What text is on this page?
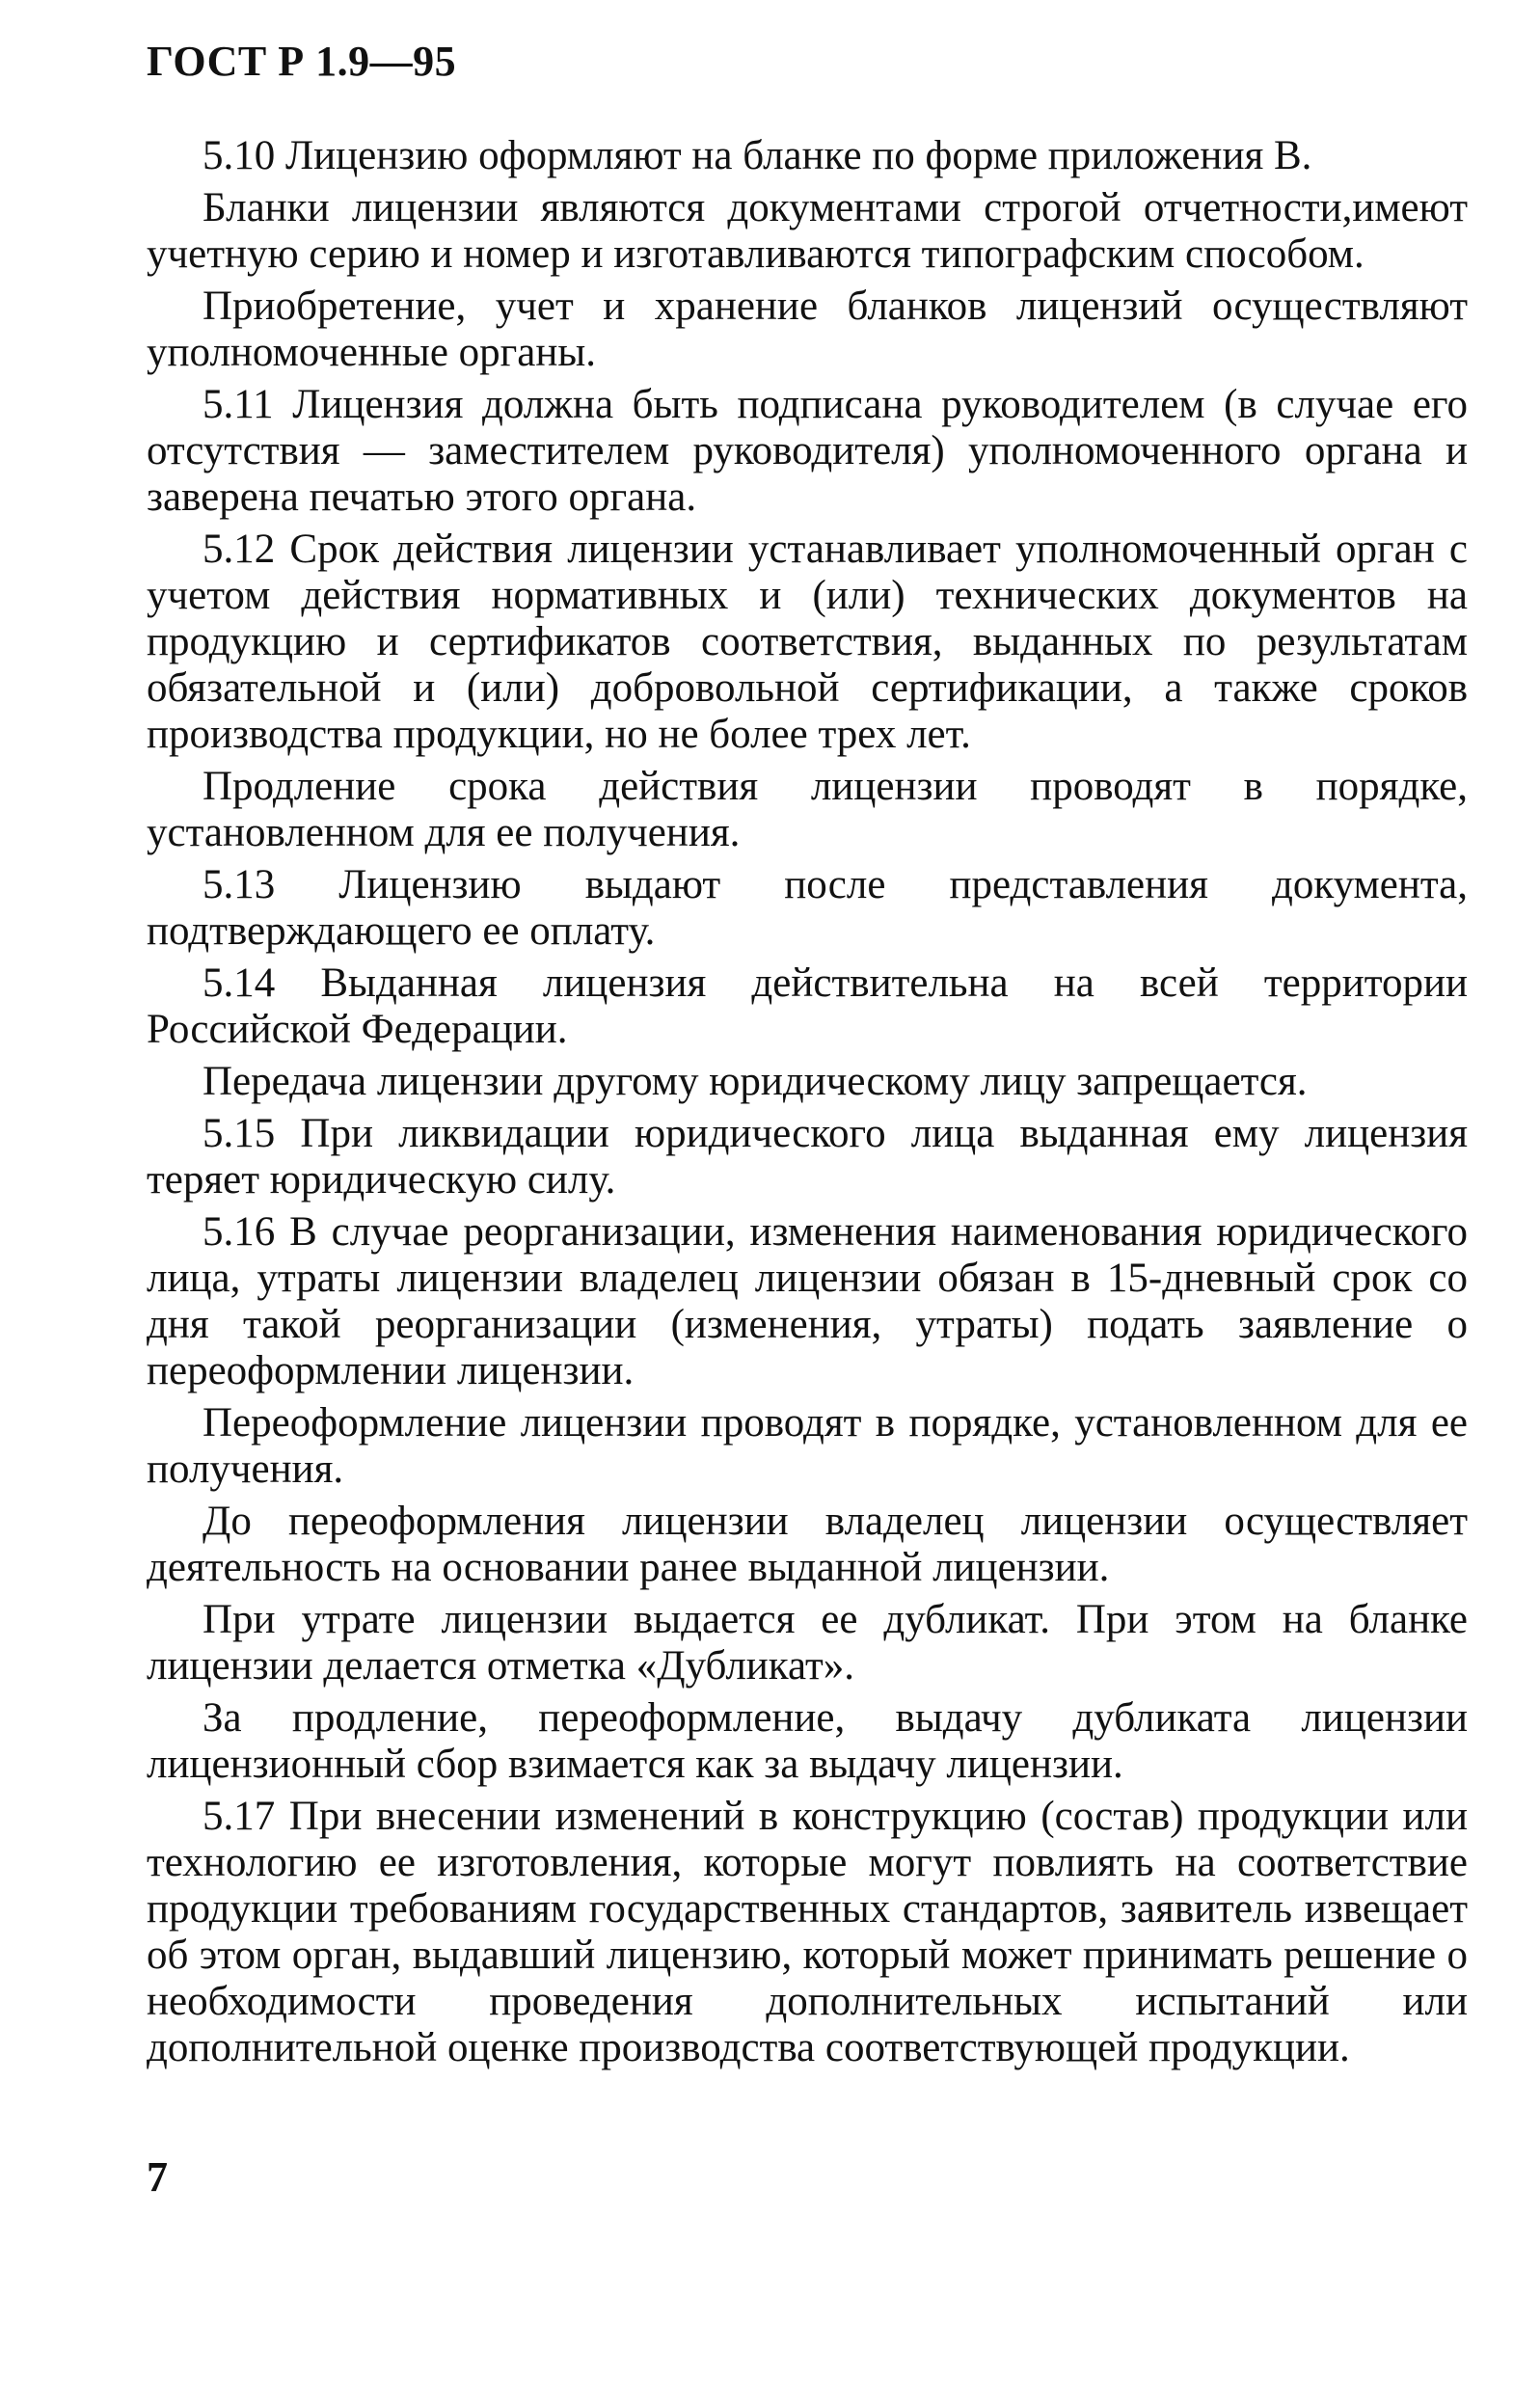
ГОСТ Р 1.9—95

5.10 Лицензию оформляют на бланке по форме приложения В.

Бланки лицензии являются документами строгой отчетности,имеют учетную серию и номер и изготавливаются типографским способом.

Приобретение, учет и хранение бланков лицензий осуществляют уполномоченные органы.

5.11 Лицензия должна быть подписана руководителем (в случае его отсутствия — заместителем руководителя) уполномоченного органа и заверена печатью этого органа.

5.12 Срок действия лицензии устанавливает уполномоченный орган с учетом действия нормативных и (или) технических документов на продукцию и сертификатов соответствия, выданных по результатам обязательной и (или) добровольной сертификации, а также сроков производства продукции, но не более трех лет.

Продление срока действия лицензии проводят в порядке, установленном для ее получения.

5.13 Лицензию выдают после представления документа, подтверждающего ее оплату.

5.14 Выданная лицензия действительна на всей территории Российской Федерации.

Передача лицензии другому юридическому лицу запрещается.

5.15 При ликвидации юридического лица выданная ему лицензия теряет юридическую силу.

5.16 В случае реорганизации, изменения наименования юридического лица, утраты лицензии владелец лицензии обязан в 15-дневный срок со дня такой реорганизации (изменения, утраты) подать заявление о переоформлении лицензии.

Переоформление лицензии проводят в порядке, установленном для ее получения.

До переоформления лицензии владелец лицензии осуществляет деятельность на основании ранее выданной лицензии.

При утрате лицензии выдается ее дубликат. При этом на бланке лицензии делается отметка «Дубликат».

За продление, переоформление, выдачу дубликата лицензии лицензионный сбор взимается как за выдачу лицензии.

5.17 При внесении изменений в конструкцию (состав) продукции или технологию ее изготовления, которые могут повлиять на соответствие продукции требованиям государственных стандартов, заявитель извещает об этом орган, выдавший лицензию, который может принимать решение о необходимости проведения дополнительных испытаний или дополнительной оценке производства соответствующей продукции.

7
